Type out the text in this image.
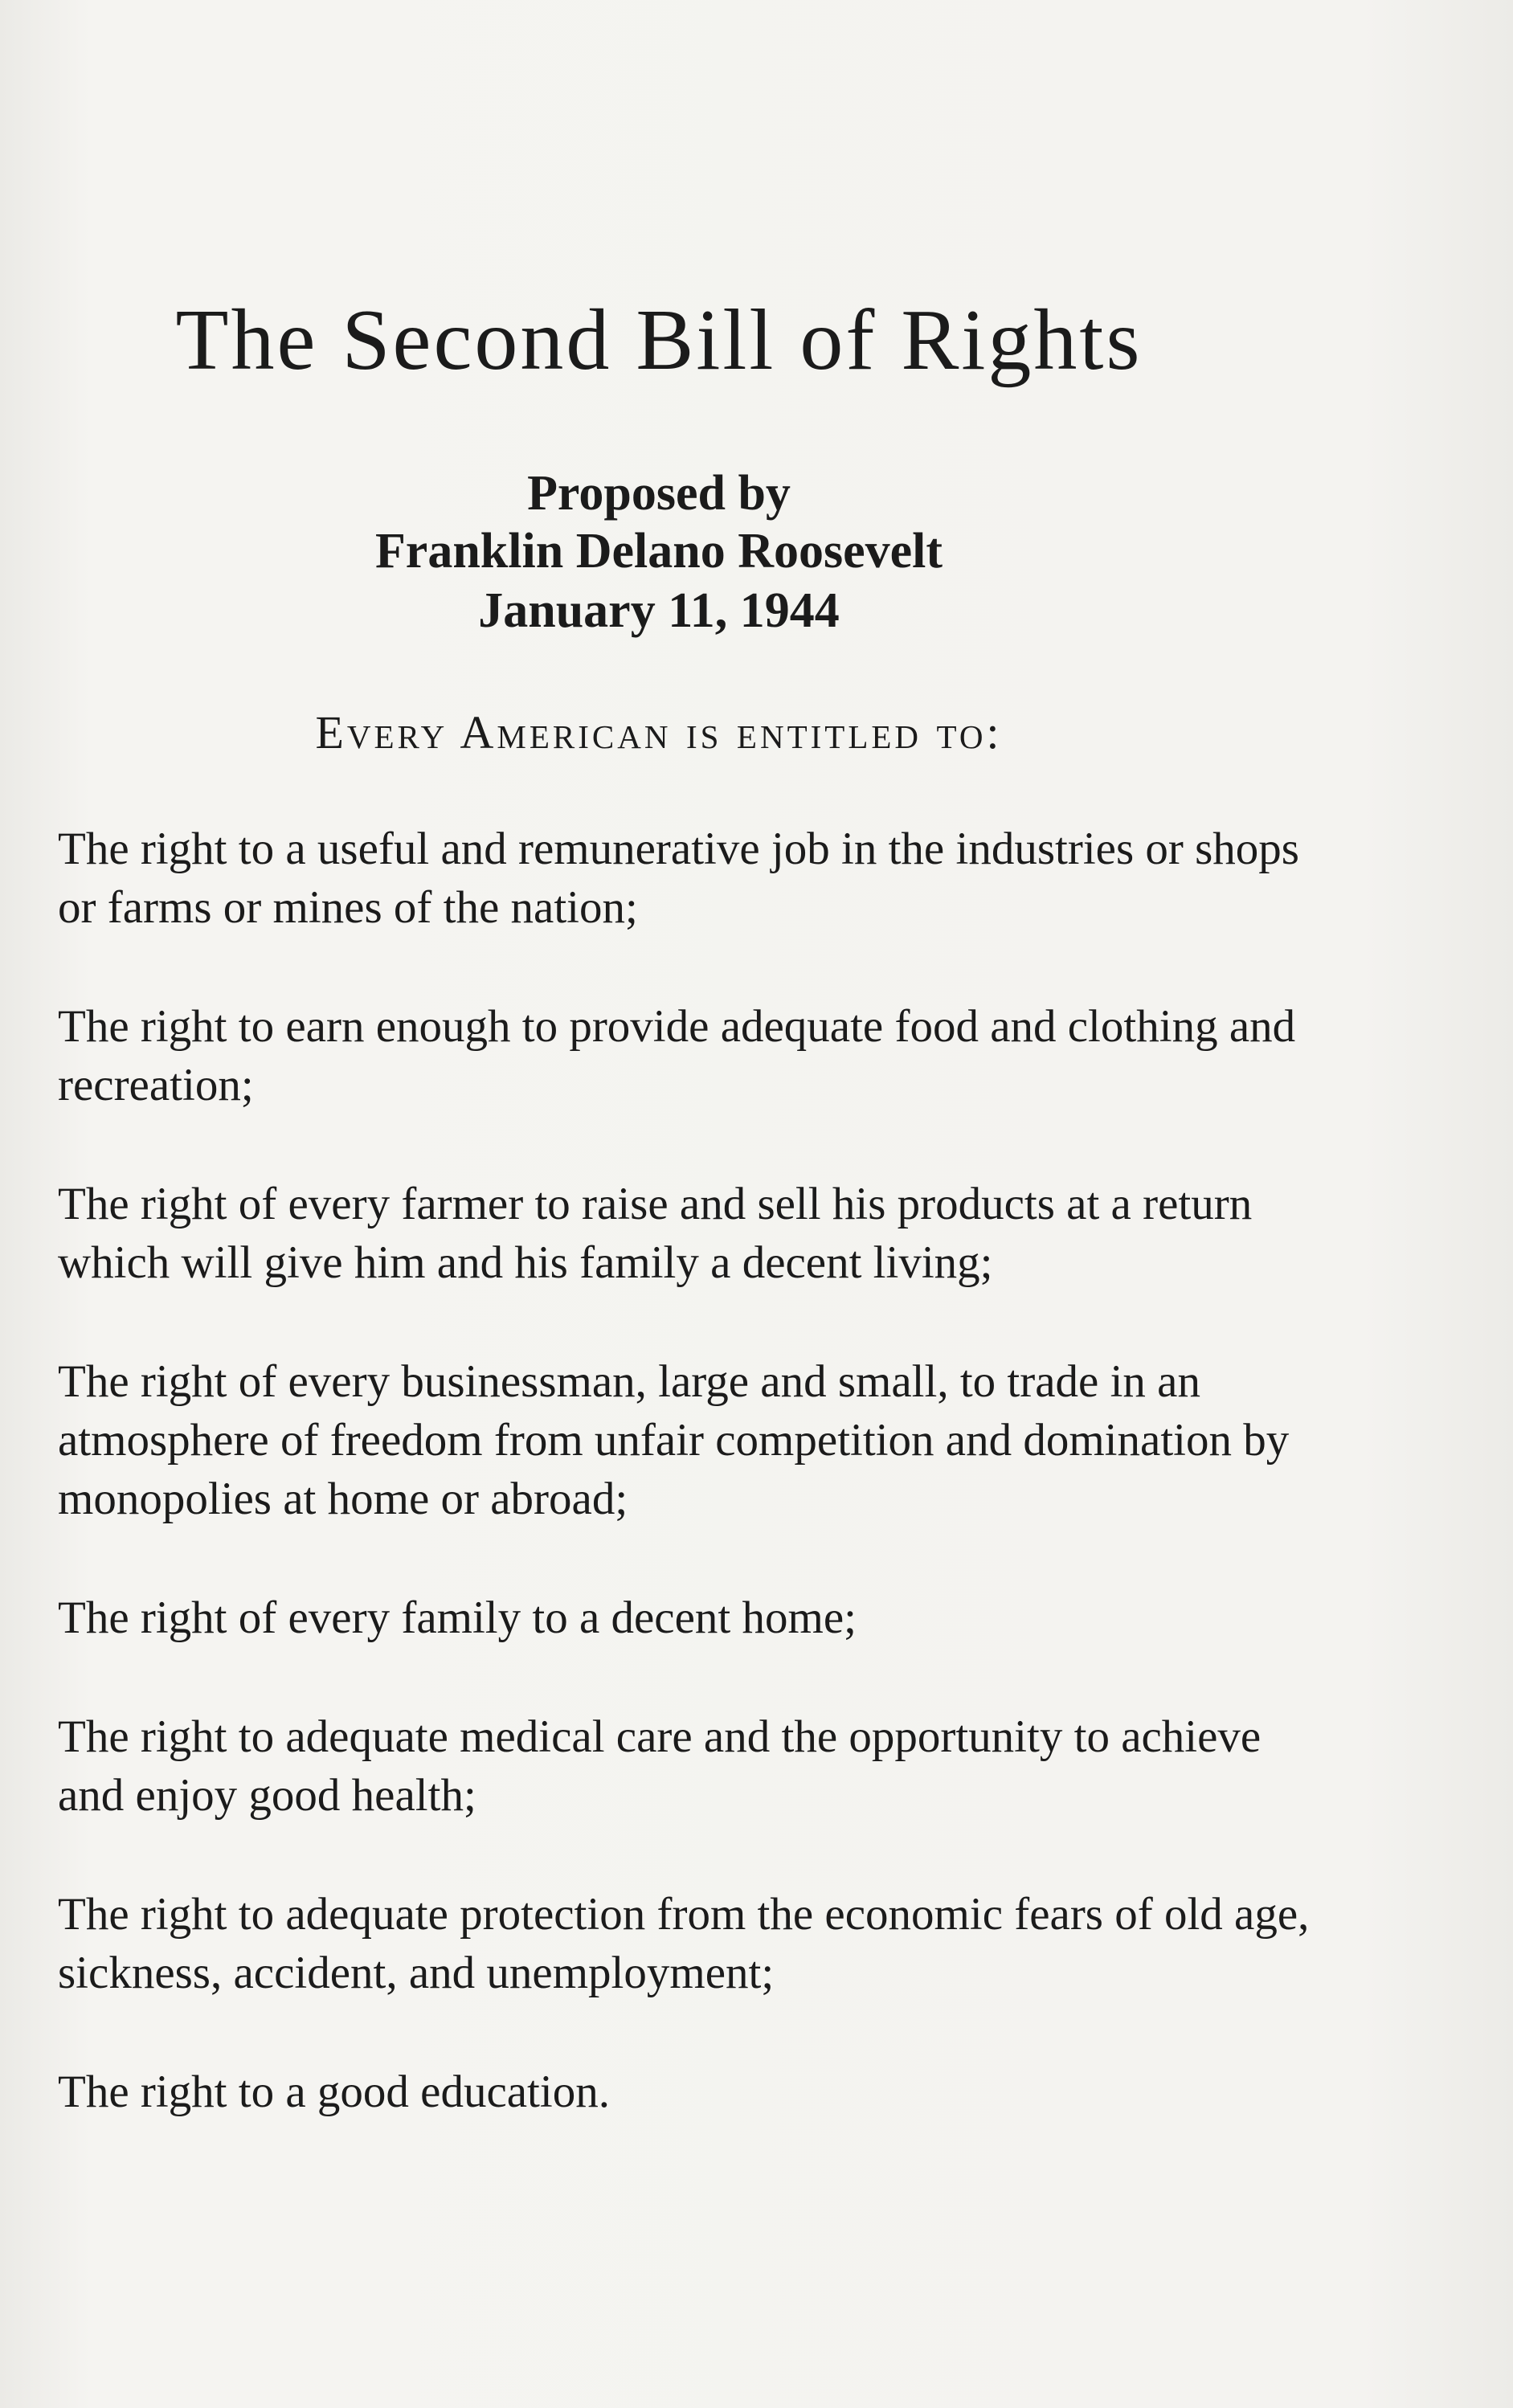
The Second Bill of Rights

Proposed by

Franklin Delano Roosevelt

January 11, 1944

Every American is entitled to:

The right to a useful and remunerative job in the industries or shops or farms or mines of the nation;
The right to earn enough to provide adequate food and clothing and recreation;
The right of every farmer to raise and sell his products at a return which will give him and his family a decent living;
The right of every businessman, large and small, to trade in an atmosphere of freedom from unfair competition and domination by monopolies at home or abroad;
The right of every family to a decent home;
The right to adequate medical care and the opportunity to achieve and enjoy good health;
The right to adequate protection from the economic fears of old age, sickness, accident, and unemployment;
The right to a good education.
